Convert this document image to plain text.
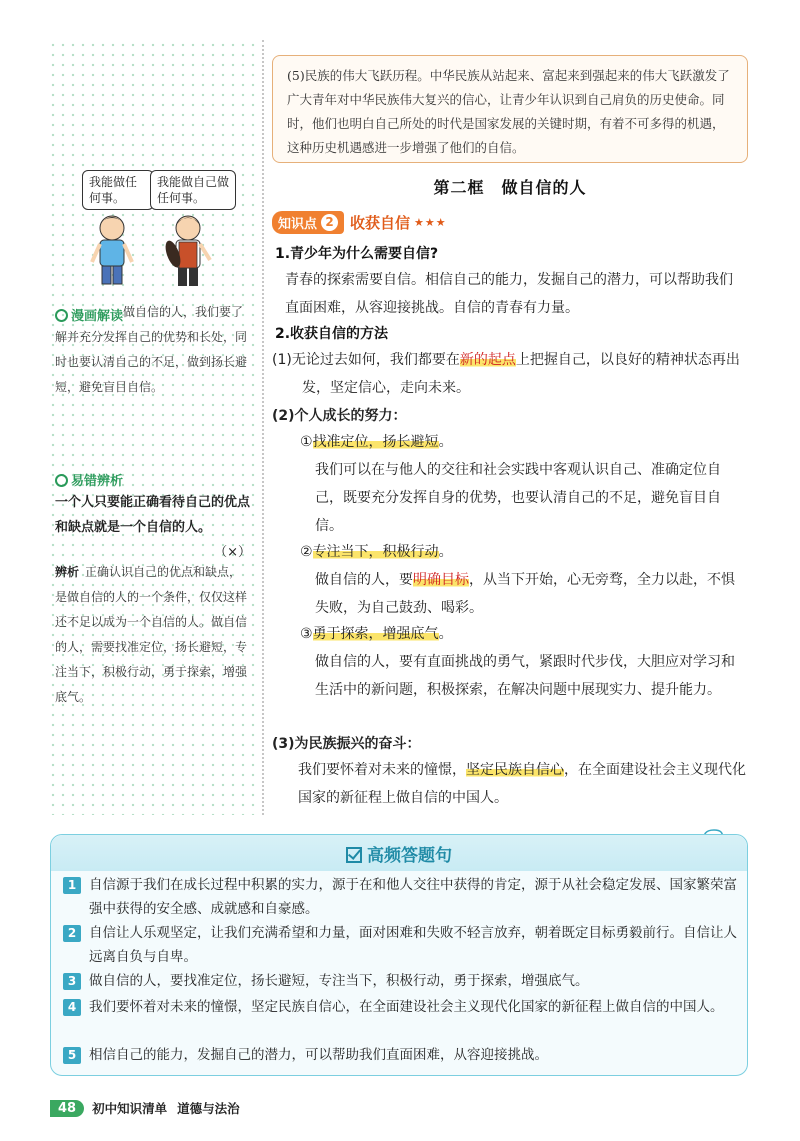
我能做任何事。
我能做自己做任何事。
漫画解读 做自信的人，我们要了解并充分发挥自己的优势和长处，同时也要认清自己的不足，做到扬长避短，避免盲目自信。
易错辨析
一个人只要能正确看待自己的优点和缺点就是一个自信的人。
（×）
辨析 正确认识自己的优点和缺点，是做自信的人的一个条件，仅仅这样还不足以成为一个自信的人。做自信的人，需要找准定位，扬长避短，专注当下，积极行动，勇于探索，增强底气。

(5)民族的伟大飞跃历程。中华民族从站起来、富起来到强起来的伟大飞跃激发了广大青年对中华民族伟大复兴的信心，让青少年认识到自己肩负的历史使命。同时，他们也明白自己所处的时代是国家发展的关键时期，有着不可多得的机遇，这种历史机遇感进一步增强了他们的自信。

第二框　做自信的人
知识点 2 收获自信 ★★★
1.青少年为什么需要自信?
青春的探索需要自信。相信自己的能力，发掘自己的潜力，可以帮助我们直面困难，从容迎接挑战。自信的青春有力量。
2.收获自信的方法
(1)无论过去如何，我们都要在新的起点上把握自己，以良好的精神状态再出发，坚定信心，走向未来。
(2)个人成长的努力：
①找准定位，扬长避短。
我们可以在与他人的交往和社会实践中客观认识自己、准确定位自己，既要充分发挥自身的优势，也要认清自己的不足，避免盲目自信。
②专注当下，积极行动。
做自信的人，要明确目标，从当下开始，心无旁骛，全力以赴，不惧失败，为自己鼓劲、喝彩。
③勇于探索，增强底气。
做自信的人，要有直面挑战的勇气，紧跟时代步伐，大胆应对学习和生活中的新问题，积极探索，在解决问题中展现实力、提升能力。
(3)为民族振兴的奋斗：
我们要怀着对未来的憧憬，坚定民族自信心，在全面建设社会主义现代化国家的新征程上做自信的中国人。
高频答题句
1 自信源于我们在成长过程中积累的实力，源于在和他人交往中获得的肯定，源于从社会稳定发展、国家繁荣富强中获得的安全感、成就感和自豪感。
2 自信让人乐观坚定，让我们充满希望和力量，面对困难和失败不轻言放弃，朝着既定目标勇毅前行。自信让人远离自负与自卑。
3 做自信的人，要找准定位，扬长避短，专注当下，积极行动，勇于探索，增强底气。
4 我们要怀着对未来的憧憬，坚定民族自信心，在全面建设社会主义现代化国家的新征程上做自信的中国人。
5 相信自己的能力，发掘自己的潜力，可以帮助我们直面困难，从容迎接挑战。
48	初中知识清单 道德与法治
